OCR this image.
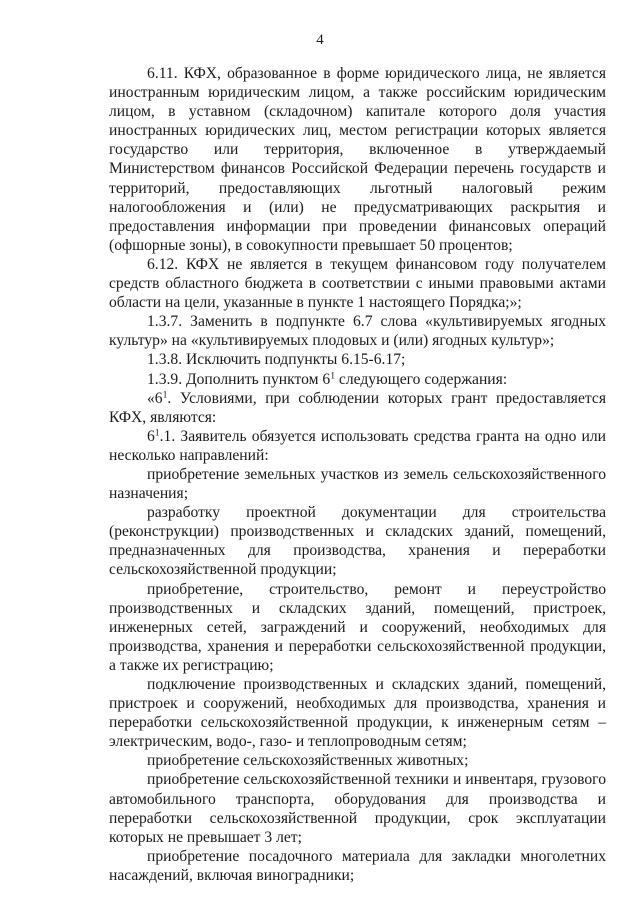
4

6.11. КФХ, образованное в форме юридического лица, не является иностранным юридическим лицом, а также российским юридическим лицом, в уставном (складочном) капитале которого доля участия иностранных юридических лиц, местом регистрации которых является государство или территория, включенное в утверждаемый Министерством финансов Российской Федерации перечень государств и территорий, предоставляющих льготный налоговый режим налогообложения и (или) не предусматривающих раскрытия и предоставления информации при проведении финансовых операций (офшорные зоны), в совокупности превышает 50 процентов;

6.12. КФХ не является в текущем финансовом году получателем средств областного бюджета в соответствии с иными правовыми актами области на цели, указанные в пункте 1 настоящего Порядка;»;

1.3.7. Заменить в подпункте 6.7 слова «культивируемых ягодных культур» на «культивируемых плодовых и (или) ягодных культур»;

1.3.8. Исключить подпункты 6.15-6.17;

1.3.9. Дополнить пунктом $6^1$ следующего содержания:

«$6^1$. Условиями, при соблюдении которых грант предоставляется КФХ, являются:

$6^1.1$. Заявитель обязуется использовать средства гранта на одно или несколько направлений:

приобретение земельных участков из земель сельскохозяйственного назначения;

разработку проектной документации для строительства (реконструкции) производственных и складских зданий, помещений, предназначенных для производства, хранения и переработки сельскохозяйственной продукции;

приобретение, строительство, ремонт и переустройство производственных и складских зданий, помещений, пристроек, инженерных сетей, заграждений и сооружений, необходимых для производства, хранения и переработки сельскохозяйственной продукции, а также их регистрацию;

подключение производственных и складских зданий, помещений, пристроек и сооружений, необходимых для производства, хранения и переработки сельскохозяйственной продукции, к инженерным сетям – электрическим, водо-, газо- и теплопроводным сетям;

приобретение сельскохозяйственных животных;

приобретение сельскохозяйственной техники и инвентаря, грузового автомобильного транспорта, оборудования для производства и переработки сельскохозяйственной продукции, срок эксплуатации которых не превышает 3 лет;

приобретение посадочного материала для закладки многолетних насаждений, включая виноградники;
